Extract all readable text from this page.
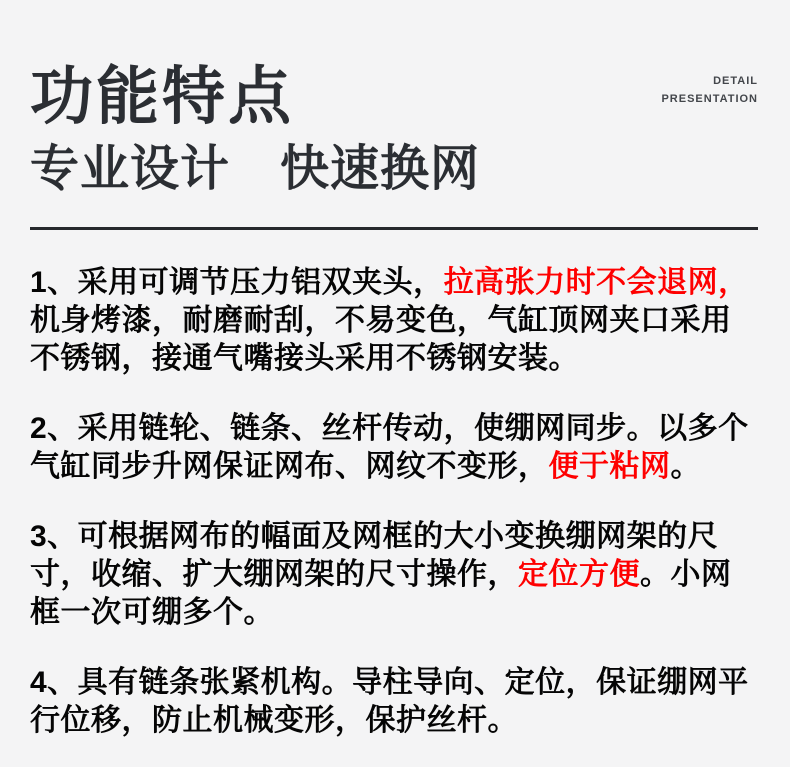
DETAIL
PRESENTATION
功能特点
专业设计　快速换网

1、采用可调节压力铝双夹头，拉高张力时不会退网，机身烤漆，耐磨耐刮，不易变色，气缸顶网夹口采用不锈钢，接通气嘴接头采用不锈钢安装。

2、采用链轮、链条、丝杆传动，使绷网同步。以多个气缸同步升网保证网布、网纹不变形，便于粘网。

3、可根据网布的幅面及网框的大小变换绷网架的尺寸，收缩、扩大绷网架的尺寸操作，定位方便。小网框一次可绷多个。

4、具有链条张紧机构。导柱导向、定位，保证绷网平行位移，防止机械变形，保护丝杆。
